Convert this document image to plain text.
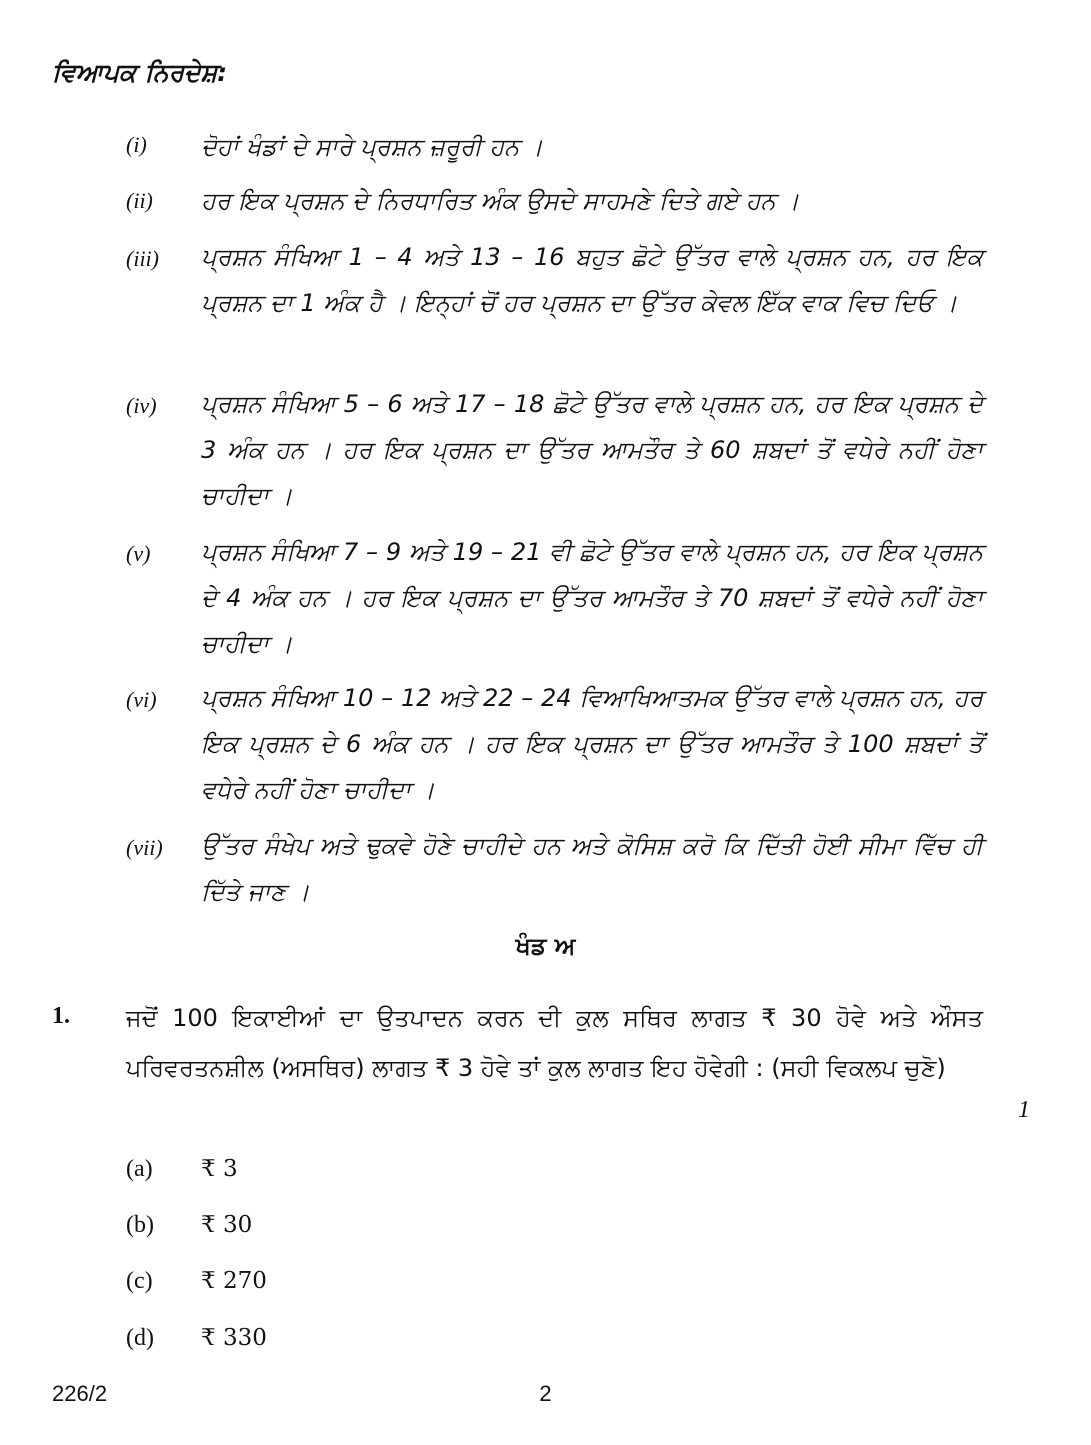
ਵਿਆਪਕ ਨਿਰਦੇਸ਼:
(i) ਦੋਹਾਂ ਖੰਡਾਂ ਦੇ ਸਾਰੇ ਪ੍ਰਸ਼ਨ ਜ਼ਰੂਰੀ ਹਨ ।
(ii) ਹਰ ਇਕ ਪ੍ਰਸ਼ਨ ਦੇ ਨਿਰਧਾਰਿਤ ਅੰਕ ਉਸਦੇ ਸਾਹਮਣੇ ਦਿਤੇ ਗਏ ਹਨ ।
(iii) ਪ੍ਰਸ਼ਨ ਸੰਖਿਆ 1 – 4 ਅਤੇ 13 – 16 ਬਹੁਤ ਛੋਟੇ ਉੱਤਰ ਵਾਲੇ ਪ੍ਰਸ਼ਨ ਹਨ, ਹਰ ਇਕ ਪ੍ਰਸ਼ਨ ਦਾ 1 ਅੰਕ ਹੈ । ਇਨ੍ਹਾਂ ਚੋਂ ਹਰ ਪ੍ਰਸ਼ਨ ਦਾ ਉੱਤਰ ਕੇਵਲ ਇੱਕ ਵਾਕ ਵਿਚ ਦਿਓ ।
(iv) ਪ੍ਰਸ਼ਨ ਸੰਖਿਆ 5 – 6 ਅਤੇ 17 – 18 ਛੋਟੇ ਉੱਤਰ ਵਾਲੇ ਪ੍ਰਸ਼ਨ ਹਨ, ਹਰ ਇਕ ਪ੍ਰਸ਼ਨ ਦੇ 3 ਅੰਕ ਹਨ । ਹਰ ਇਕ ਪ੍ਰਸ਼ਨ ਦਾ ਉੱਤਰ ਆਮਤੌਰ ਤੇ 60 ਸ਼ਬਦਾਂ ਤੋਂ ਵਧੇਰੇ ਨਹੀਂ ਹੋਣਾ ਚਾਹੀਦਾ ।
(v) ਪ੍ਰਸ਼ਨ ਸੰਖਿਆ 7 – 9 ਅਤੇ 19 – 21 ਵੀ ਛੋਟੇ ਉੱਤਰ ਵਾਲੇ ਪ੍ਰਸ਼ਨ ਹਨ, ਹਰ ਇਕ ਪ੍ਰਸ਼ਨ ਦੇ 4 ਅੰਕ ਹਨ । ਹਰ ਇਕ ਪ੍ਰਸ਼ਨ ਦਾ ਉੱਤਰ ਆਮਤੌਰ ਤੇ 70 ਸ਼ਬਦਾਂ ਤੋਂ ਵਧੇਰੇ ਨਹੀਂ ਹੋਣਾ ਚਾਹੀਦਾ ।
(vi) ਪ੍ਰਸ਼ਨ ਸੰਖਿਆ 10 – 12 ਅਤੇ 22 – 24 ਵਿਆਖਿਆਤਮਕ ਉੱਤਰ ਵਾਲੇ ਪ੍ਰਸ਼ਨ ਹਨ, ਹਰ ਇਕ ਪ੍ਰਸ਼ਨ ਦੇ 6 ਅੰਕ ਹਨ । ਹਰ ਇਕ ਪ੍ਰਸ਼ਨ ਦਾ ਉੱਤਰ ਆਮਤੌਰ ਤੇ 100 ਸ਼ਬਦਾਂ ਤੋਂ ਵਧੇਰੇ ਨਹੀਂ ਹੋਣਾ ਚਾਹੀਦਾ ।
(vii) ਉੱਤਰ ਸੰਖੇਪ ਅਤੇ ਢੁਕਵੇ ਹੋਣੇ ਚਾਹੀਦੇ ਹਨ ਅਤੇ ਕੋਸਿਸ਼ ਕਰੋ ਕਿ ਦਿੱਤੀ ਹੋਈ ਸੀਮਾ ਵਿੱਚ ਹੀ ਦਿੱਤੇ ਜਾਣ ।
ਖੰਡ ਅ
1. ਜਦੋਂ 100 ਇਕਾਈਆਂ ਦਾ ਉਤਪਾਦਨ ਕਰਨ ਦੀ ਕੁਲ ਸਥਿਰ ਲਾਗਤ ₹ 30 ਹੋਵੇ ਅਤੇ ਔਸਤ ਪਰਿਵਰਤਨਸ਼ੀਲ (ਅਸਥਿਰ) ਲਾਗਤ ₹ 3 ਹੋਵੇ ਤਾਂ ਕੁਲ ਲਾਗਤ ਇਹ ਹੋਵੇਗੀ : (ਸਹੀ ਵਿਕਲਪ ਚੁਣੋ)
1
(a) ₹ 3
(b) ₹ 30
(c) ₹ 270
(d) ₹ 330
226/2	2
